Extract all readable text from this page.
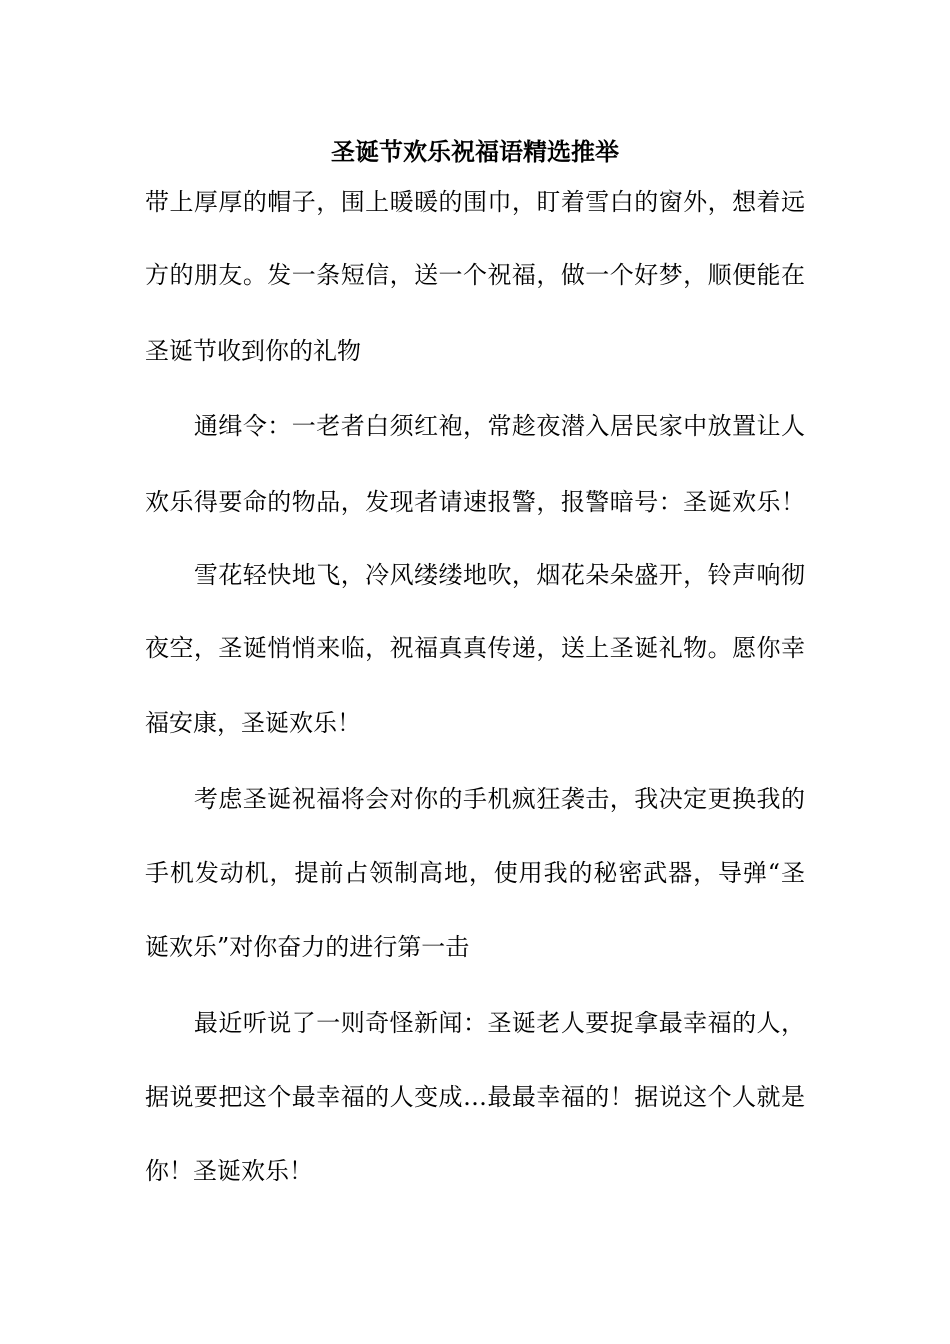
圣诞节欢乐祝福语精选推举
带上厚厚的帽子，围上暖暖的围巾，盯着雪白的窗外，想着远
方的朋友。发一条短信，送一个祝福，做一个好梦，顺便能在
圣诞节收到你的礼物
　　通缉令：一老者白须红袍，常趁夜潜入居民家中放置让人
欢乐得要命的物品，发现者请速报警，报警暗号：圣诞欢乐！
　　雪花轻快地飞，冷风缕缕地吹，烟花朵朵盛开，铃声响彻
夜空，圣诞悄悄来临，祝福真真传递，送上圣诞礼物。愿你幸
福安康，圣诞欢乐！
　　考虑圣诞祝福将会对你的手机疯狂袭击，我决定更换我的
手机发动机，提前占领制高地，使用我的秘密武器，导弹“圣
诞欢乐”对你奋力的进行第一击
　　最近听说了一则奇怪新闻：圣诞老人要捉拿最幸福的人，
据说要把这个最幸福的人变成…最最幸福的！据说这个人就是
你！圣诞欢乐！
